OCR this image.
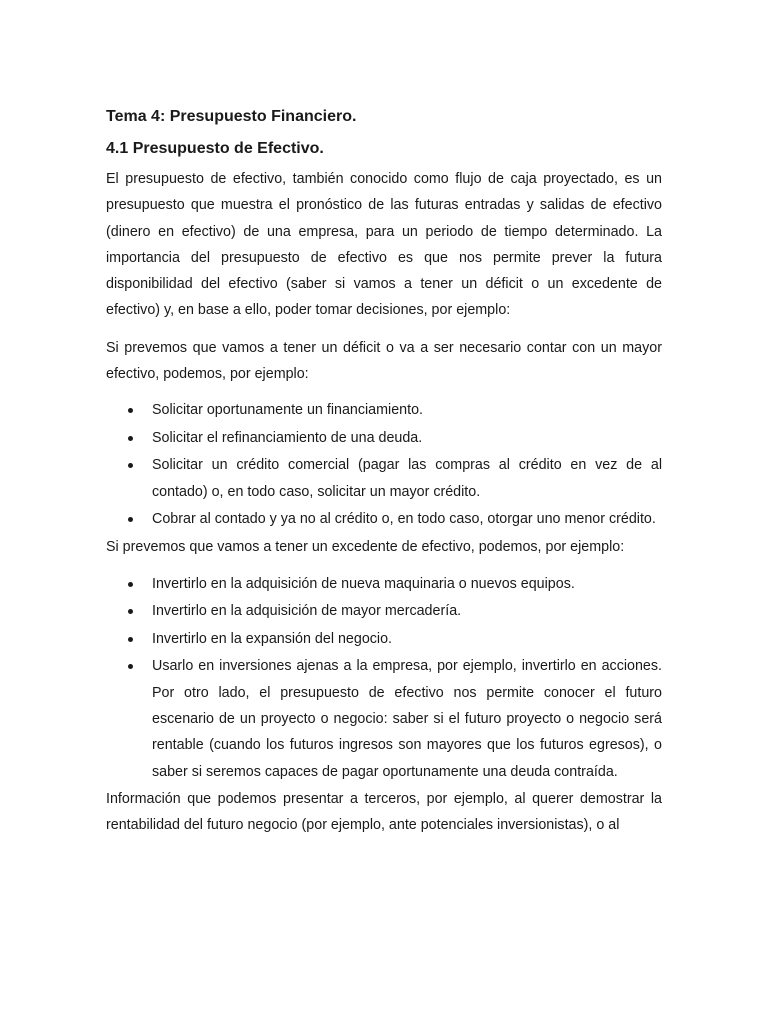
Tema 4: Presupuesto Financiero.
4.1 Presupuesto de Efectivo.

El presupuesto de efectivo, también conocido como flujo de caja proyectado, es un presupuesto que muestra el pronóstico de las futuras entradas y salidas de efectivo (dinero en efectivo) de una empresa, para un periodo de tiempo determinado. La importancia del presupuesto de efectivo es que nos permite prever la futura disponibilidad del efectivo (saber si vamos a tener un déficit o un excedente de efectivo) y, en base a ello, poder tomar decisiones, por ejemplo:

Si prevemos que vamos a tener un déficit o va a ser necesario contar con un mayor efectivo, podemos, por ejemplo:

Solicitar oportunamente un financiamiento.
Solicitar el refinanciamiento de una deuda.
Solicitar un crédito comercial (pagar las compras al crédito en vez de al contado) o, en todo caso, solicitar un mayor crédito.
Cobrar al contado y ya no al crédito o, en todo caso, otorgar uno menor crédito.

Si prevemos que vamos a tener un excedente de efectivo, podemos, por ejemplo:

Invertirlo en la adquisición de nueva maquinaria o nuevos equipos.
Invertirlo en la adquisición de mayor mercadería.
Invertirlo en la expansión del negocio.
Usarlo en inversiones ajenas a la empresa, por ejemplo, invertirlo en acciones. Por otro lado, el presupuesto de efectivo nos permite conocer el futuro escenario de un proyecto o negocio: saber si el futuro proyecto o negocio será rentable (cuando los futuros ingresos son mayores que los futuros egresos), o saber si seremos capaces de pagar oportunamente una deuda contraída.

Información que podemos presentar a terceros, por ejemplo, al querer demostrar la rentabilidad del futuro negocio (por ejemplo, ante potenciales inversionistas), o al
